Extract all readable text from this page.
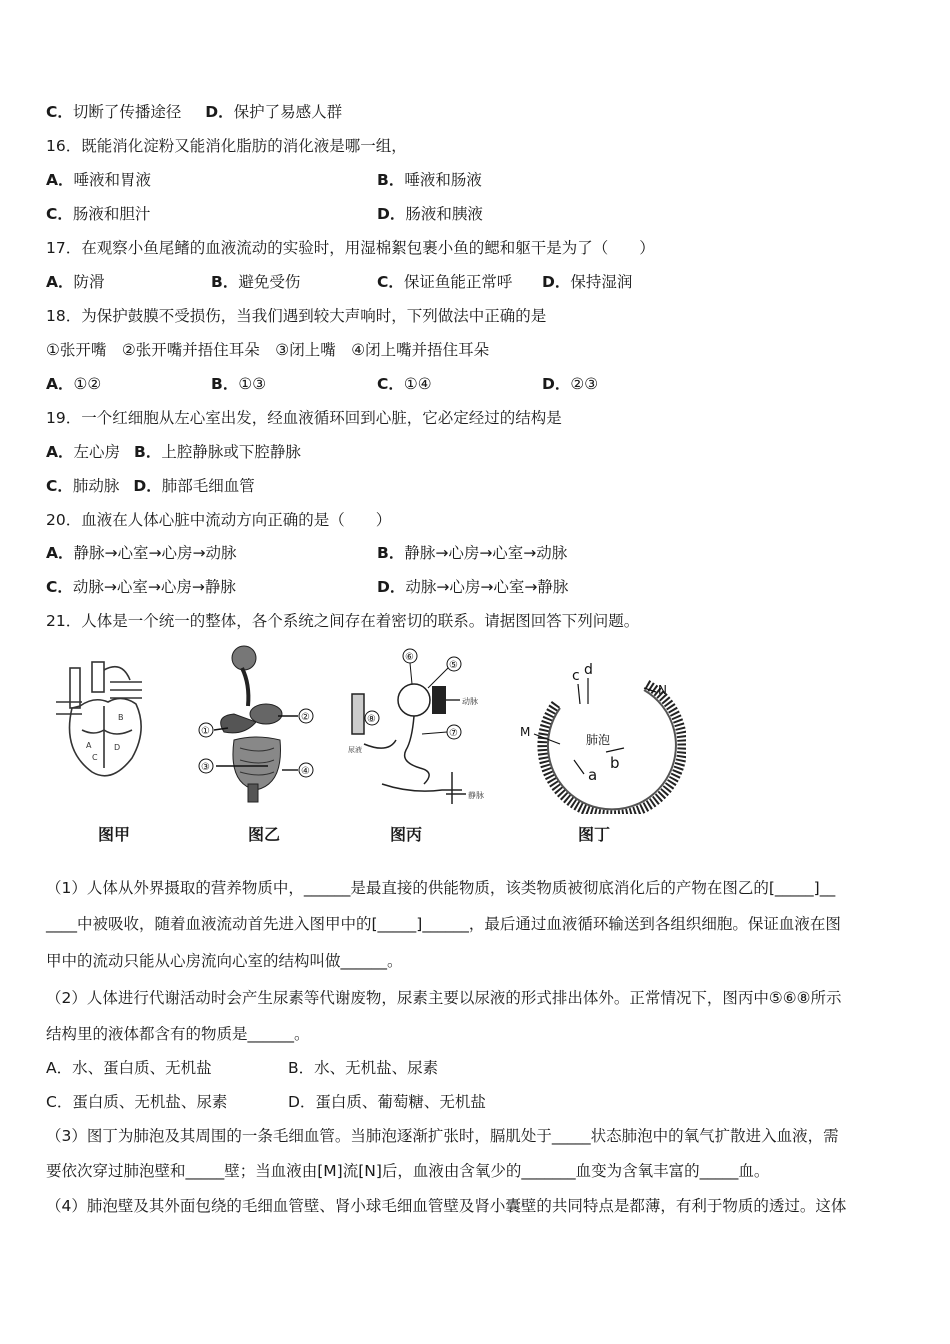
C．切断了传播途径 D．保护了易感人群
16．既能消化淀粉又能消化脂肪的消化液是哪一组，
A．唾液和胃液	B．唾液和肠液
C．肠液和胆汁	D．肠液和胰液
17．在观察小鱼尾鳍的血液流动的实验时，用湿棉絮包裹小鱼的鳃和躯干是为了（　　）
A．防滑	B．避免受伤	C．保证鱼能正常呼 D．保持湿润
18．为保护鼓膜不受损伤，当我们遇到较大声响时，下列做法中正确的是
①张开嘴　②张开嘴并捂住耳朵　③闭上嘴　④闭上嘴并捂住耳朵
A．①②	B．①③	C．①④	D．②③
19．一个红细胞从左心室出发，经血液循环回到心脏，它必定经过的结构是
A．左心房 B．上腔静脉或下腔静脉
C．肺动脉 D．肺部毛细血管
20．血液在人体心脏中流动方向正确的是（　　）
A．静脉→心室→心房→动脉	B．静脉→心房→心室→动脉
C．动脉→心室→心房→静脉	D．动脉→心房→心室→静脉
21．人体是一个统一的整体，各个系统之间存在着密切的联系。请据图回答下列问题。
A
B
C
D
图甲
①
②
③	④
图乙
⑥
⑤
⑦
⑧
动脉
静脉
尿液
图丙
肺泡
M
N
c d
b
a
图丁
（1）人体从外界摄取的营养物质中，______是最直接的供能物质，该类物质被彻底消化后的产物在图乙的[_____]__
____中被吸收，随着血液流动首先进入图甲中的[_____]______，最后通过血液循环输送到各组织细胞。保证血液在图
甲中的流动只能从心房流向心室的结构叫做______。
（2）人体进行代谢活动时会产生尿素等代谢废物，尿素主要以尿液的形式排出体外。正常情况下，图丙中⑤⑥⑧所示
结构里的液体都含有的物质是______。
A．水、蛋白质、无机盐	B．水、无机盐、尿素
C．蛋白质、无机盐、尿素	D．蛋白质、葡萄糖、无机盐
（3）图丁为肺泡及其周围的一条毛细血管。当肺泡逐渐扩张时，膈肌处于_____状态肺泡中的氧气扩散进入血液，需
要依次穿过肺泡壁和_____壁；当血液由[M]流[N]后，血液由含氧少的_______血变为含氧丰富的_____血。
（4）肺泡壁及其外面包绕的毛细血管壁、肾小球毛细血管壁及肾小囊壁的共同特点是都薄，有利于物质的透过。这体
